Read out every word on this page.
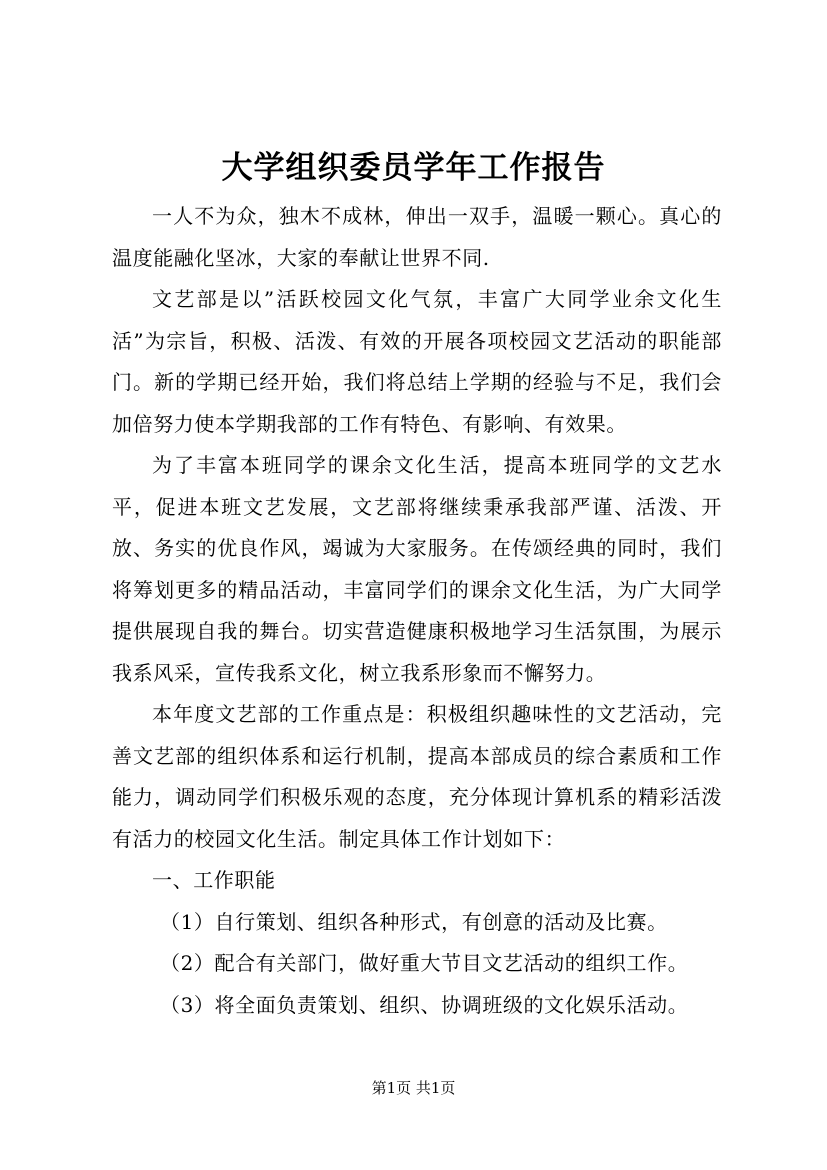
大学组织委员学年工作报告

一人不为众，独木不成林，伸出一双手，温暖一颗心。真心的温度能融化坚冰，大家的奉献让世界不同.

文艺部是以”活跃校园文化气氛，丰富广大同学业余文化生活”为宗旨，积极、活泼、有效的开展各项校园文艺活动的职能部门。新的学期已经开始，我们将总结上学期的经验与不足，我们会加倍努力使本学期我部的工作有特色、有影响、有效果。

为了丰富本班同学的课余文化生活，提高本班同学的文艺水平，促进本班文艺发展，文艺部将继续秉承我部严谨、活泼、开放、务实的优良作风，竭诚为大家服务。在传颂经典的同时，我们将筹划更多的精品活动，丰富同学们的课余文化生活，为广大同学提供展现自我的舞台。切实营造健康积极地学习生活氛围，为展示我系风采，宣传我系文化，树立我系形象而不懈努力。

本年度文艺部的工作重点是：积极组织趣味性的文艺活动，完善文艺部的组织体系和运行机制，提高本部成员的综合素质和工作能力，调动同学们积极乐观的态度，充分体现计算机系的精彩活泼有活力的校园文化生活。制定具体工作计划如下：

一、工作职能

（1）自行策划、组织各种形式，有创意的活动及比赛。

（2）配合有关部门，做好重大节目文艺活动的组织工作。

（3）将全面负责策划、组织、协调班级的文化娱乐活动。

第1页 共1页
